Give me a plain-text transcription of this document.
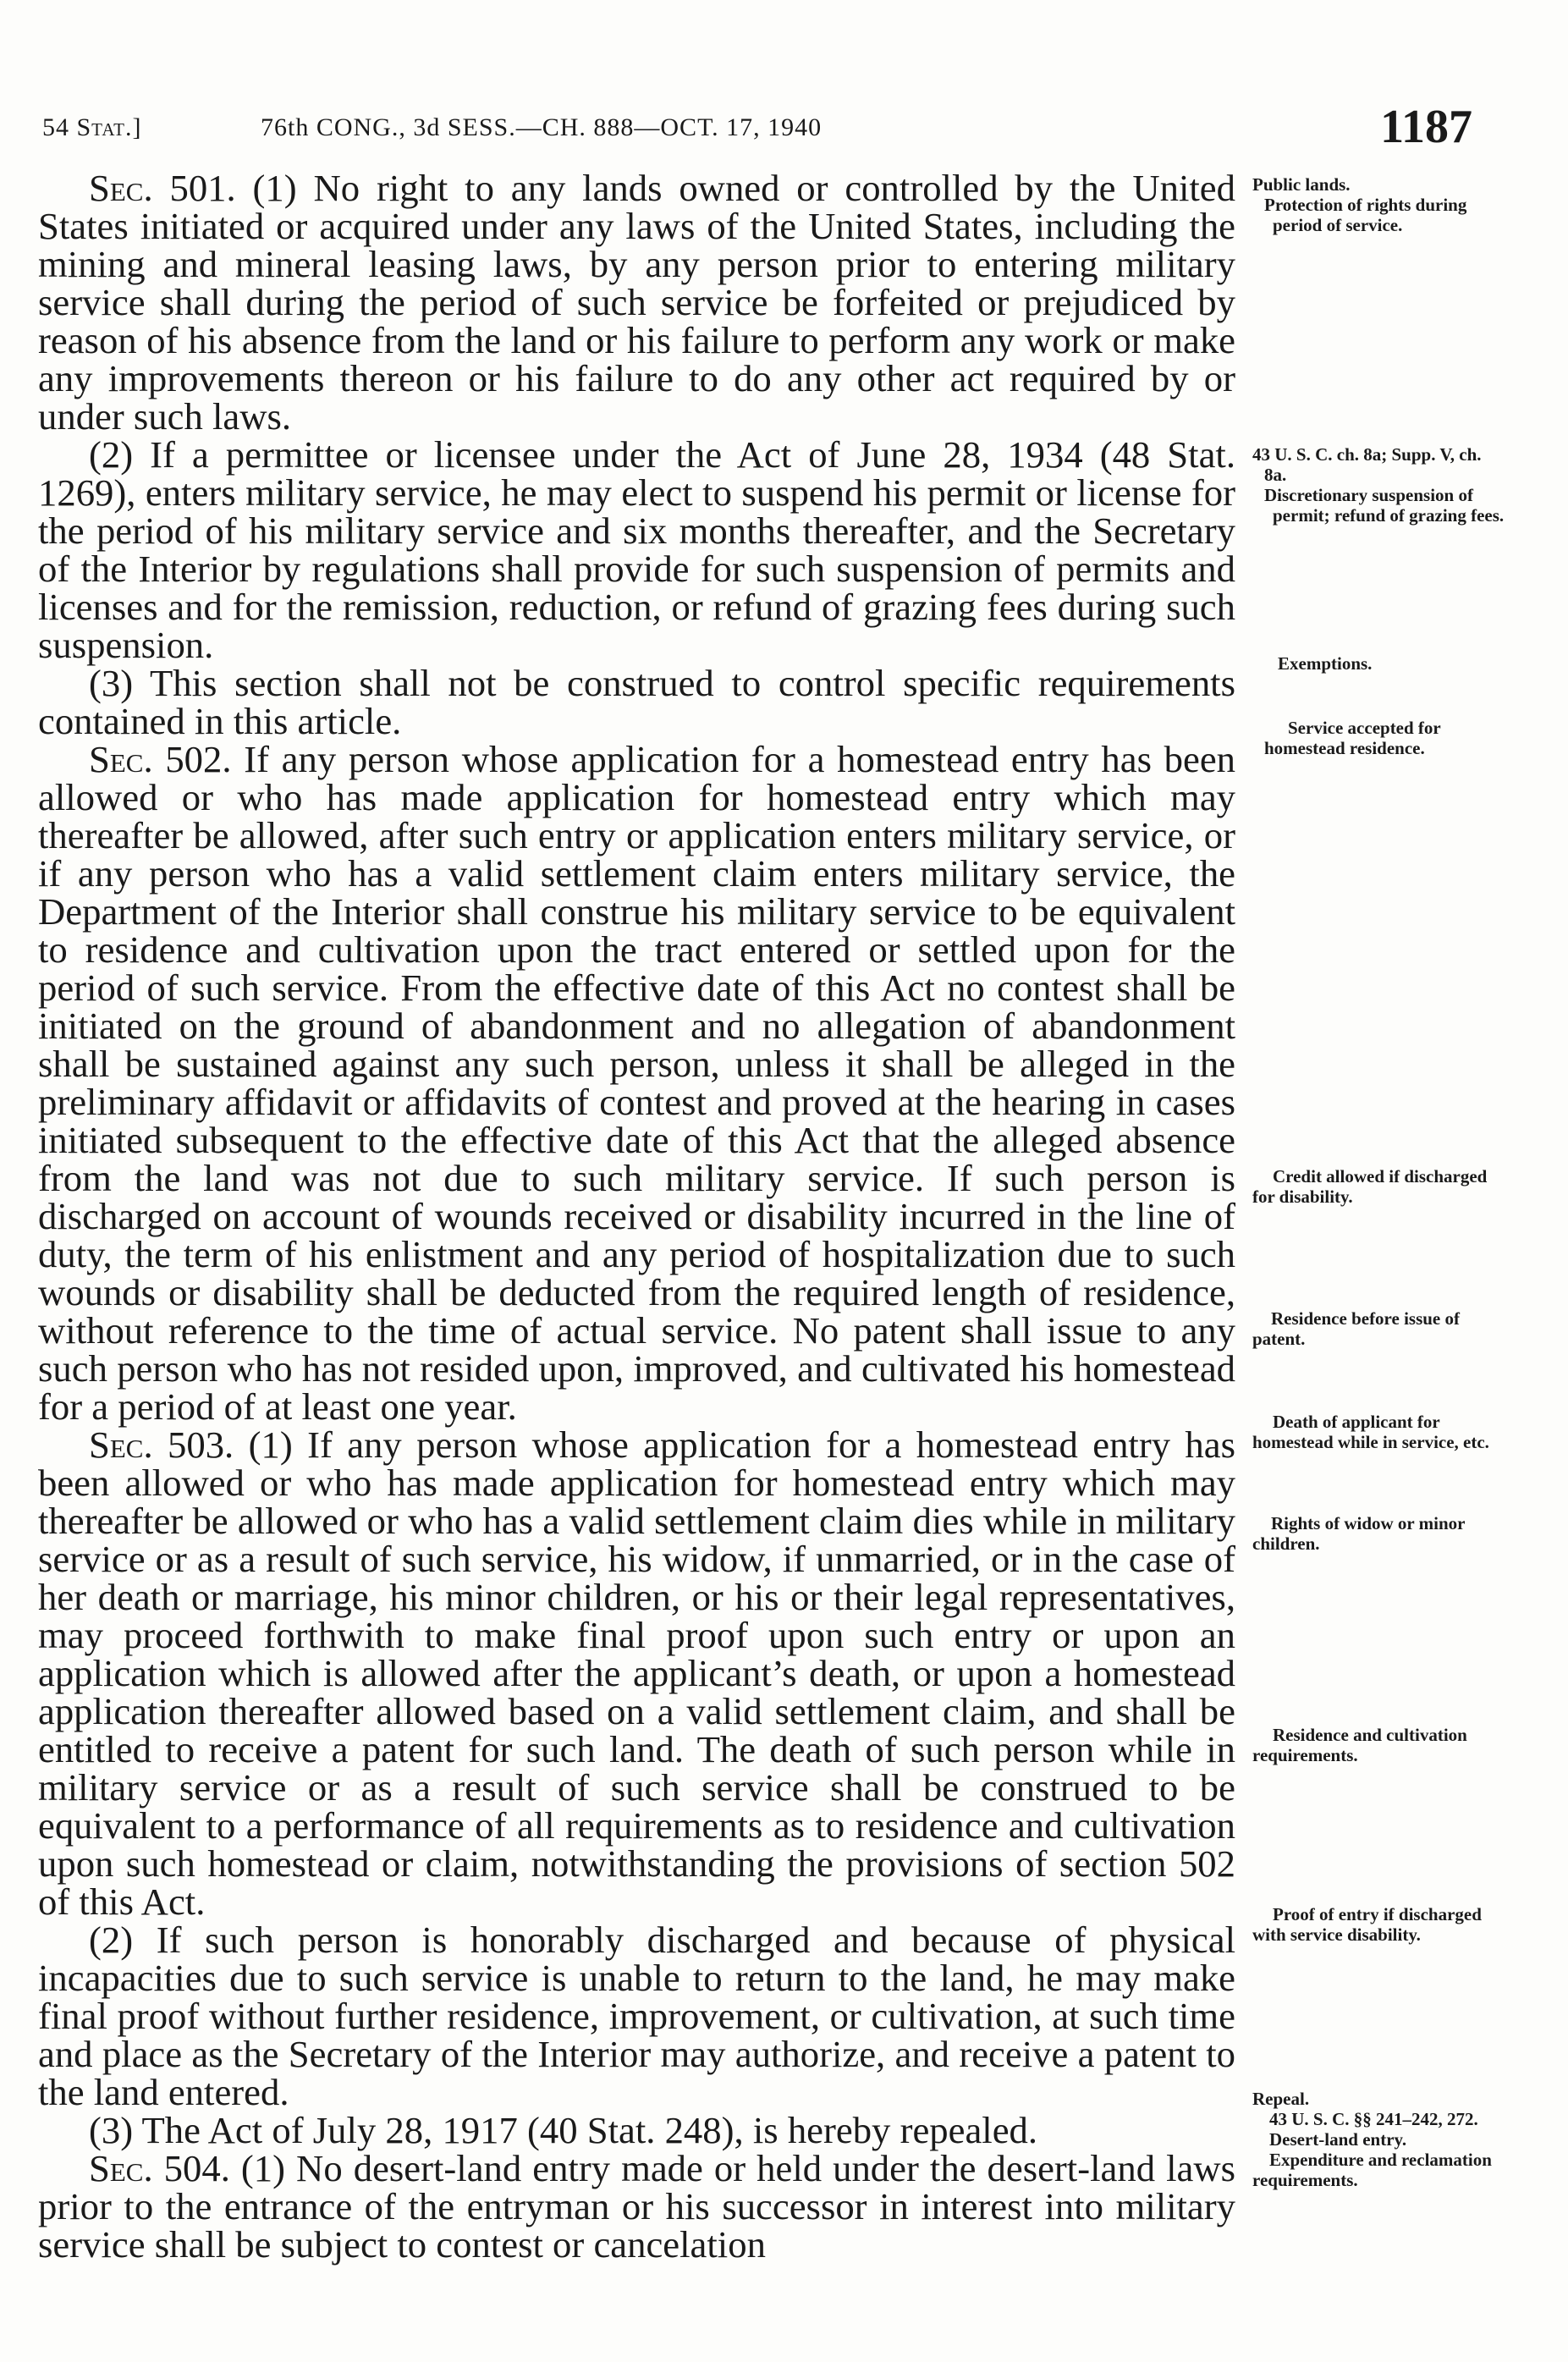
54 Stat.]	76th CONG., 3d SESS.—CH. 888—OCT. 17, 1940	1187

Sec. 501. (1) No right to any lands owned or controlled by the United States initiated or acquired under any laws of the United States, including the mining and mineral leasing laws, by any person prior to entering military service shall during the period of such service be forfeited or prejudiced by reason of his absence from the land or his failure to perform any work or make any improvements thereon or his failure to do any other act required by or under such laws.

(2) If a permittee or licensee under the Act of June 28, 1934 (48 Stat. 1269), enters military service, he may elect to suspend his permit or license for the period of his military service and six months thereafter, and the Secretary of the Interior by regulations shall provide for such suspension of permits and licenses and for the remission, reduction, or refund of grazing fees during such suspension.

(3) This section shall not be construed to control specific requirements contained in this article.

Sec. 502. If any person whose application for a homestead entry has been allowed or who has made application for homestead entry which may thereafter be allowed, after such entry or application enters military service, or if any person who has a valid settlement claim enters military service, the Department of the Interior shall construe his military service to be equivalent to residence and cultivation upon the tract entered or settled upon for the period of such service. From the effective date of this Act no contest shall be initiated on the ground of abandonment and no allegation of abandonment shall be sustained against any such person, unless it shall be alleged in the preliminary affidavit or affidavits of contest and proved at the hearing in cases initiated subsequent to the effective date of this Act that the alleged absence from the land was not due to such military service. If such person is discharged on account of wounds received or disability incurred in the line of duty, the term of his enlistment and any period of hospitalization due to such wounds or disability shall be deducted from the required length of residence, without reference to the time of actual service. No patent shall issue to any such person who has not resided upon, improved, and cultivated his homestead for a period of at least one year.

Sec. 503. (1) If any person whose application for a homestead entry has been allowed or who has made application for homestead entry which may thereafter be allowed or who has a valid settlement claim dies while in military service or as a result of such service, his widow, if unmarried, or in the case of her death or marriage, his minor children, or his or their legal representatives, may proceed forthwith to make final proof upon such entry or upon an application which is allowed after the applicant’s death, or upon a homestead application thereafter allowed based on a valid settlement claim, and shall be entitled to receive a patent for such land. The death of such person while in military service or as a result of such service shall be construed to be equivalent to a performance of all requirements as to residence and cultivation upon such homestead or claim, notwithstanding the provisions of section 502 of this Act.

(2) If such person is honorably discharged and because of physical incapacities due to such service is unable to return to the land, he may make final proof without further residence, improvement, or cultivation, at such time and place as the Secretary of the Interior may authorize, and receive a patent to the land entered.

(3) The Act of July 28, 1917 (40 Stat. 248), is hereby repealed.

Sec. 504. (1) No desert-land entry made or held under the desert-land laws prior to the entrance of the entryman or his successor in interest into military service shall be subject to contest or cancelation

Public lands.
Protection of rights during period of service.
43 U. S. C. ch. 8a; Supp. V, ch. 8a.
Discretionary suspension of permit; refund of grazing fees.
Exemptions.
Service accepted for homestead residence.
Credit allowed if discharged for disability.
Residence before issue of patent.
Death of applicant for homestead while in service, etc.
Rights of widow or minor children.
Residence and cultivation requirements.
Proof of entry if discharged with service disability.
Repeal.
43 U. S. C. §§ 241–242, 272.
Desert-land entry.
Expenditure and reclamation requirements.
